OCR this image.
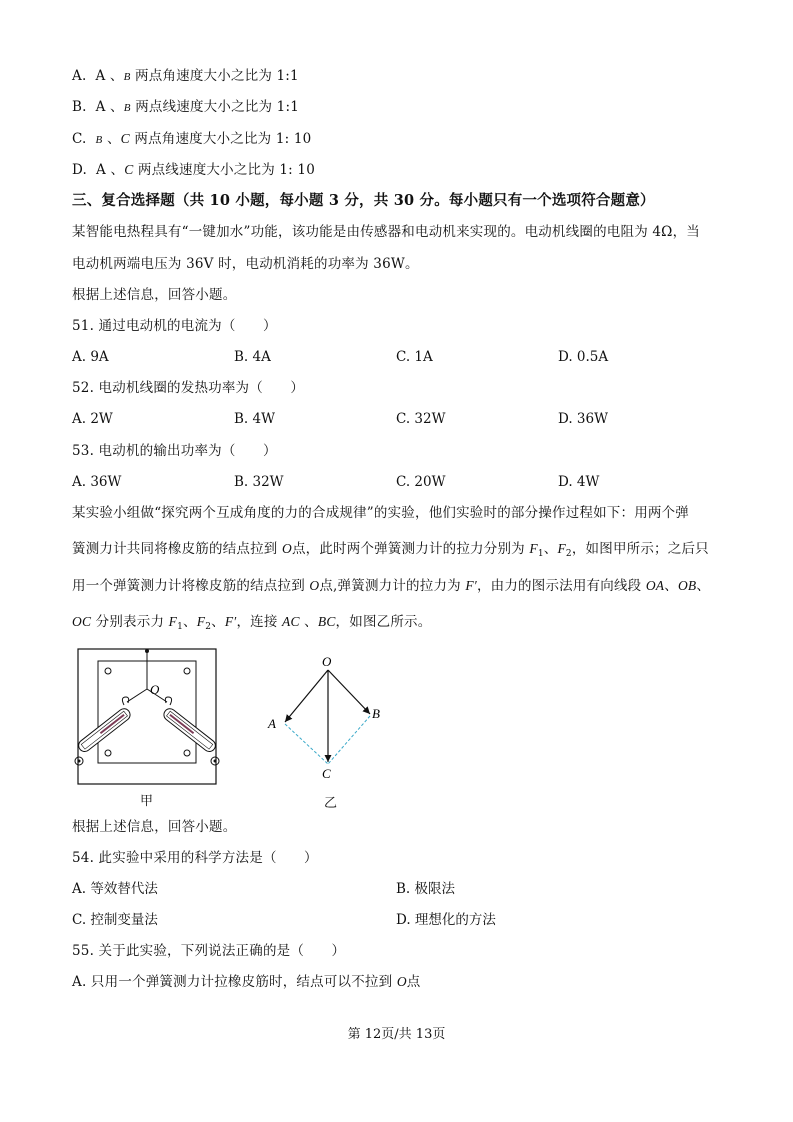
A. A 、B 两点角速度大小之比为 1:1
B. A 、B 两点线速度大小之比为 1:1
C. B 、C 两点角速度大小之比为 1: 10
D. A 、C 两点线速度大小之比为 1: 10
三、复合选择题（共 10 小题，每小题 3 分，共 30 分。每小题只有一个选项符合题意）
某智能电热程具有“一键加水”功能，该功能是由传感器和电动机来实现的。电动机线圈的电阻为 4Ω，当
电动机两端电压为 36V 时，电动机消耗的功率为 36W。
根据上述信息，回答小题。
51. 通过电动机的电流为（　　）
A. 9A	B. 4A	C. 1A	D. 0.5A
52. 电动机线圈的发热功率为（　　）
A. 2W	B. 4W	C. 32W	D. 36W
53. 电动机的输出功率为（　　）
A. 36W	B. 32W	C. 20W	D. 4W
某实验小组做“探究两个互成角度的力的合成规律”的实验，他们实验时的部分操作过程如下：用两个弹
簧测力计共同将橡皮筋的结点拉到 O点，此时两个弹簧测力计的拉力分别为 $F_1$、$F_2$，如图甲所示；之后只
用一个弹簧测力计将橡皮筋的结点拉到 O点,弹簧测力计的拉力为 F′，由力的图示法用有向线段 OA、OB、
OC 分别表示力 $F_1$、$F_2$、F′，连接 AC 、BC，如图乙所示。
O
甲
O
A
B
C
乙
根据上述信息，回答小题。
54. 此实验中采用的科学方法是（　　）
A. 等效替代法	B. 极限法
C. 控制变量法	D. 理想化的方法
55. 关于此实验，下列说法正确的是（　　）
A. 只用一个弹簧测力计拉橡皮筋时，结点可以不拉到 O点
第 12页/共 13页
